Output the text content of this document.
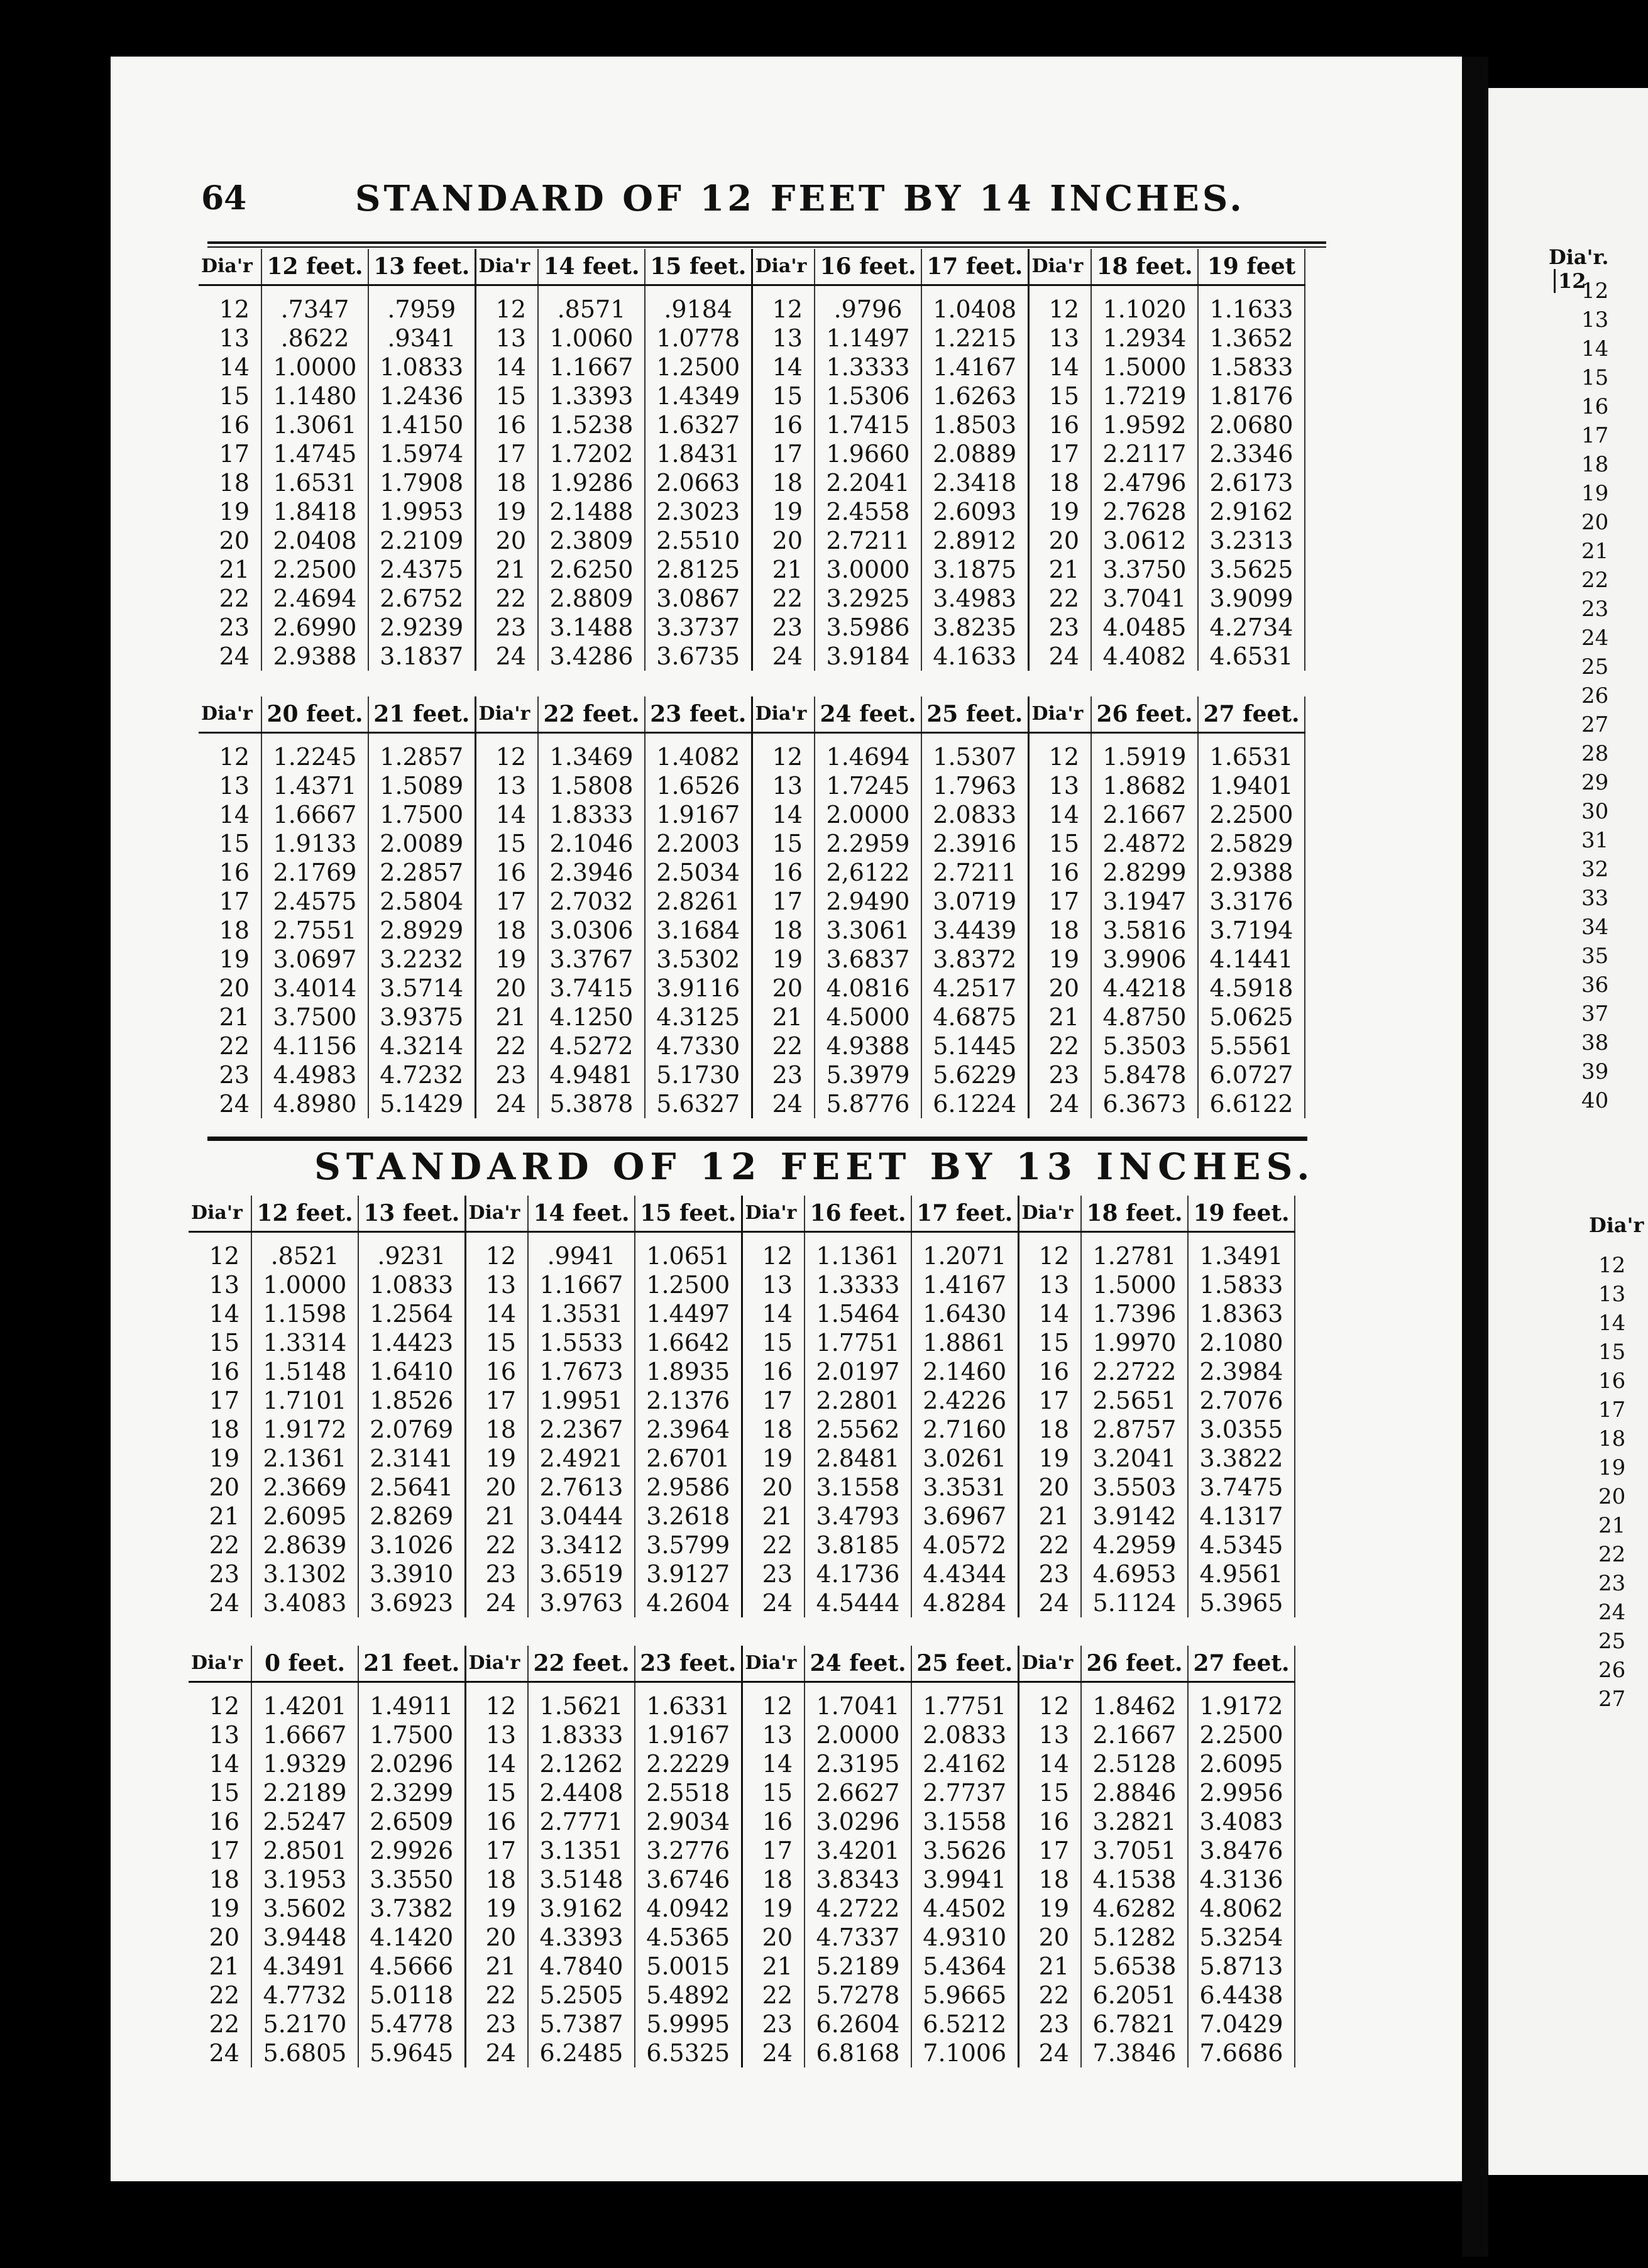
Dia'r. 12
12
13
14
15
16
17
18
19
20
21
22
23
24
25
26
27
28
29
30
31
32
33
34
35
36
37
38
39
40
Dia'r
12
13
14
15
16
17
18
19
20
21
22
23
24
25
26
27
64	STANDARD OF 12 FEET BY 14 INCHES.
Dia'r	12 feet.	13 feet.	Dia'r	14 feet.	15 feet.	Dia'r	16 feet.	17 feet.	Dia'r	18 feet.	19 feet

12	.7347	.7959	12	.8571	.9184	12	.9796	1.0408	12	1.1020	1.1633
13	.8622	.9341	13	1.0060	1.0778	13	1.1497	1.2215	13	1.2934	1.3652
14	1.0000	1.0833	14	1.1667	1.2500	14	1.3333	1.4167	14	1.5000	1.5833
15	1.1480	1.2436	15	1.3393	1.4349	15	1.5306	1.6263	15	1.7219	1.8176
16	1.3061	1.4150	16	1.5238	1.6327	16	1.7415	1.8503	16	1.9592	2.0680
17	1.4745	1.5974	17	1.7202	1.8431	17	1.9660	2.0889	17	2.2117	2.3346
18	1.6531	1.7908	18	1.9286	2.0663	18	2.2041	2.3418	18	2.4796	2.6173
19	1.8418	1.9953	19	2.1488	2.3023	19	2.4558	2.6093	19	2.7628	2.9162
20	2.0408	2.2109	20	2.3809	2.5510	20	2.7211	2.8912	20	3.0612	3.2313
21	2.2500	2.4375	21	2.6250	2.8125	21	3.0000	3.1875	21	3.3750	3.5625
22	2.4694	2.6752	22	2.8809	3.0867	22	3.2925	3.4983	22	3.7041	3.9099
23	2.6990	2.9239	23	3.1488	3.3737	23	3.5986	3.8235	23	4.0485	4.2734
24	2.9388	3.1837	24	3.4286	3.6735	24	3.9184	4.1633	24	4.4082	4.6531
Dia'r	20 feet.	21 feet.	Dia'r	22 feet.	23 feet.	Dia'r	24 feet.	25 feet.	Dia'r	26 feet.	27 feet.

12	1.2245	1.2857	12	1.3469	1.4082	12	1.4694	1.5307	12	1.5919	1.6531
13	1.4371	1.5089	13	1.5808	1.6526	13	1.7245	1.7963	13	1.8682	1.9401
14	1.6667	1.7500	14	1.8333	1.9167	14	2.0000	2.0833	14	2.1667	2.2500
15	1.9133	2.0089	15	2.1046	2.2003	15	2.2959	2.3916	15	2.4872	2.5829
16	2.1769	2.2857	16	2.3946	2.5034	16	2,6122	2.7211	16	2.8299	2.9388
17	2.4575	2.5804	17	2.7032	2.8261	17	2.9490	3.0719	17	3.1947	3.3176
18	2.7551	2.8929	18	3.0306	3.1684	18	3.3061	3.4439	18	3.5816	3.7194
19	3.0697	3.2232	19	3.3767	3.5302	19	3.6837	3.8372	19	3.9906	4.1441
20	3.4014	3.5714	20	3.7415	3.9116	20	4.0816	4.2517	20	4.4218	4.5918
21	3.7500	3.9375	21	4.1250	4.3125	21	4.5000	4.6875	21	4.8750	5.0625
22	4.1156	4.3214	22	4.5272	4.7330	22	4.9388	5.1445	22	5.3503	5.5561
23	4.4983	4.7232	23	4.9481	5.1730	23	5.3979	5.6229	23	5.8478	6.0727
24	4.8980	5.1429	24	5.3878	5.6327	24	5.8776	6.1224	24	6.3673	6.6122
STANDARD OF 12 FEET BY 13 INCHES.
Dia'r	12 feet.	13 feet.	Dia'r	14 feet.	15 feet.	Dia'r	16 feet.	17 feet.	Dia'r	18 feet.	19 feet.

12	.8521	.9231	12	.9941	1.0651	12	1.1361	1.2071	12	1.2781	1.3491
13	1.0000	1.0833	13	1.1667	1.2500	13	1.3333	1.4167	13	1.5000	1.5833
14	1.1598	1.2564	14	1.3531	1.4497	14	1.5464	1.6430	14	1.7396	1.8363
15	1.3314	1.4423	15	1.5533	1.6642	15	1.7751	1.8861	15	1.9970	2.1080
16	1.5148	1.6410	16	1.7673	1.8935	16	2.0197	2.1460	16	2.2722	2.3984
17	1.7101	1.8526	17	1.9951	2.1376	17	2.2801	2.4226	17	2.5651	2.7076
18	1.9172	2.0769	18	2.2367	2.3964	18	2.5562	2.7160	18	2.8757	3.0355
19	2.1361	2.3141	19	2.4921	2.6701	19	2.8481	3.0261	19	3.2041	3.3822
20	2.3669	2.5641	20	2.7613	2.9586	20	3.1558	3.3531	20	3.5503	3.7475
21	2.6095	2.8269	21	3.0444	3.2618	21	3.4793	3.6967	21	3.9142	4.1317
22	2.8639	3.1026	22	3.3412	3.5799	22	3.8185	4.0572	22	4.2959	4.5345
23	3.1302	3.3910	23	3.6519	3.9127	23	4.1736	4.4344	23	4.6953	4.9561
24	3.4083	3.6923	24	3.9763	4.2604	24	4.5444	4.8284	24	5.1124	5.3965
Dia'r	0 feet.	21 feet.	Dia'r	22 feet.	23 feet.	Dia'r	24 feet.	25 feet.	Dia'r	26 feet.	27 feet.

12	1.4201	1.4911	12	1.5621	1.6331	12	1.7041	1.7751	12	1.8462	1.9172
13	1.6667	1.7500	13	1.8333	1.9167	13	2.0000	2.0833	13	2.1667	2.2500
14	1.9329	2.0296	14	2.1262	2.2229	14	2.3195	2.4162	14	2.5128	2.6095
15	2.2189	2.3299	15	2.4408	2.5518	15	2.6627	2.7737	15	2.8846	2.9956
16	2.5247	2.6509	16	2.7771	2.9034	16	3.0296	3.1558	16	3.2821	3.4083
17	2.8501	2.9926	17	3.1351	3.2776	17	3.4201	3.5626	17	3.7051	3.8476
18	3.1953	3.3550	18	3.5148	3.6746	18	3.8343	3.9941	18	4.1538	4.3136
19	3.5602	3.7382	19	3.9162	4.0942	19	4.2722	4.4502	19	4.6282	4.8062
20	3.9448	4.1420	20	4.3393	4.5365	20	4.7337	4.9310	20	5.1282	5.3254
21	4.3491	4.5666	21	4.7840	5.0015	21	5.2189	5.4364	21	5.6538	5.8713
22	4.7732	5.0118	22	5.2505	5.4892	22	5.7278	5.9665	22	6.2051	6.4438
22	5.2170	5.4778	23	5.7387	5.9995	23	6.2604	6.5212	23	6.7821	7.0429
24	5.6805	5.9645	24	6.2485	6.5325	24	6.8168	7.1006	24	7.3846	7.6686
